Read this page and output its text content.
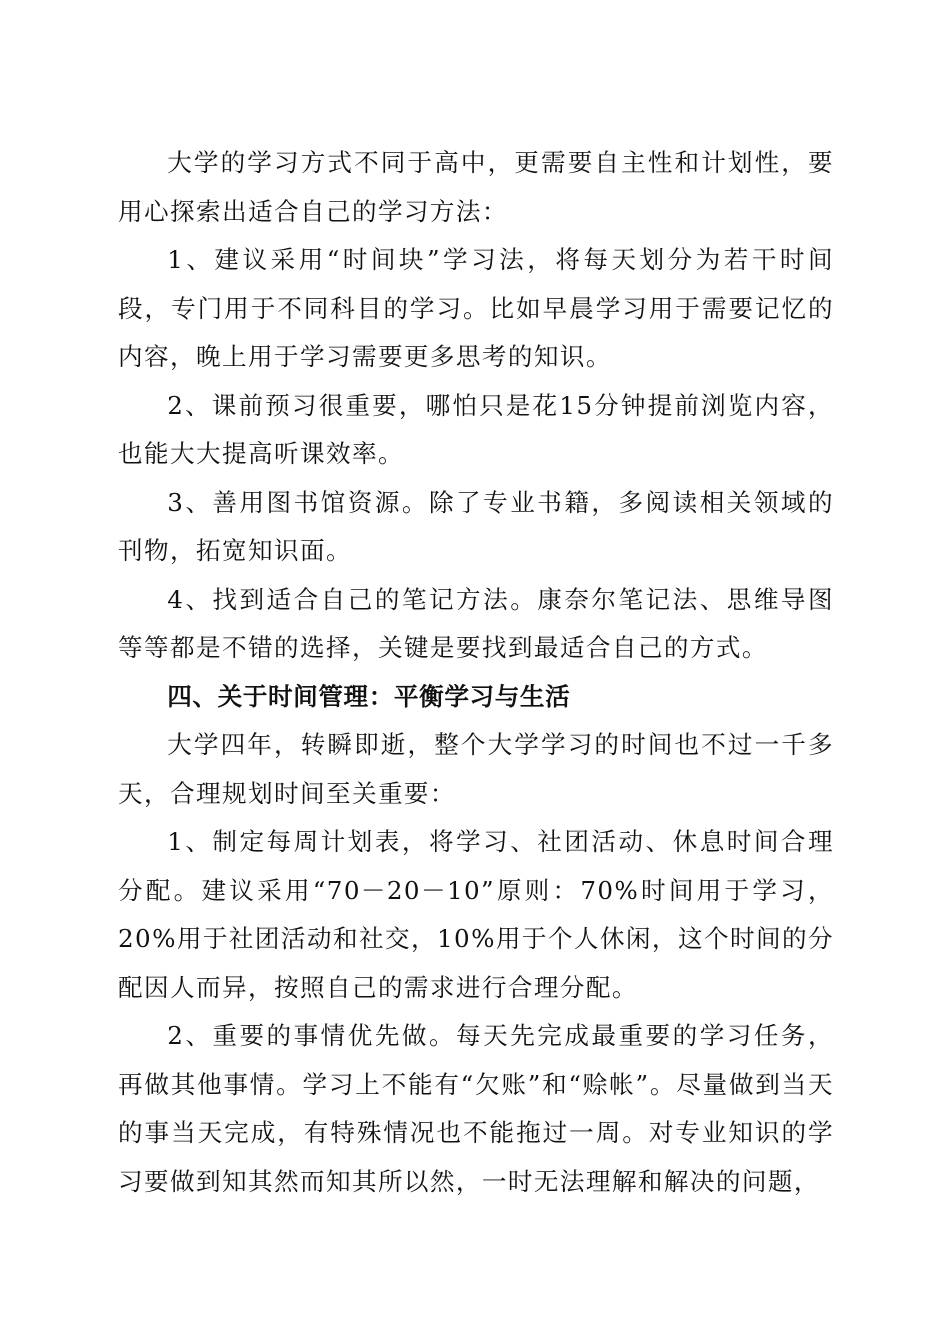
大学的学习方式不同于高中，更需要自主性和计划性，要用心探索出适合自己的学习方法：

1、建议采用“时间块”学习法，将每天划分为若干时间段，专门用于不同科目的学习。比如早晨学习用于需要记忆的内容，晚上用于学习需要更多思考的知识。

2、课前预习很重要，哪怕只是花15分钟提前浏览内容，也能大大提高听课效率。

3、善用图书馆资源。除了专业书籍，多阅读相关领域的刊物，拓宽知识面。

4、找到适合自己的笔记方法。康奈尔笔记法、思维导图等等都是不错的选择，关键是要找到最适合自己的方式。

四、关于时间管理：平衡学习与生活

大学四年，转瞬即逝，整个大学学习的时间也不过一千多天，合理规划时间至关重要：

1、制定每周计划表，将学习、社团活动、休息时间合理分配。建议采用“70－20－10”原则：70%时间用于学习，20%用于社团活动和社交，10%用于个人休闲，这个时间的分配因人而异，按照自己的需求进行合理分配。

2、重要的事情优先做。每天先完成最重要的学习任务，再做其他事情。学习上不能有“欠账”和“赊帐”。尽量做到当天的事当天完成，有特殊情况也不能拖过一周。对专业知识的学习要做到知其然而知其所以然，一时无法理解和解决的问题，
